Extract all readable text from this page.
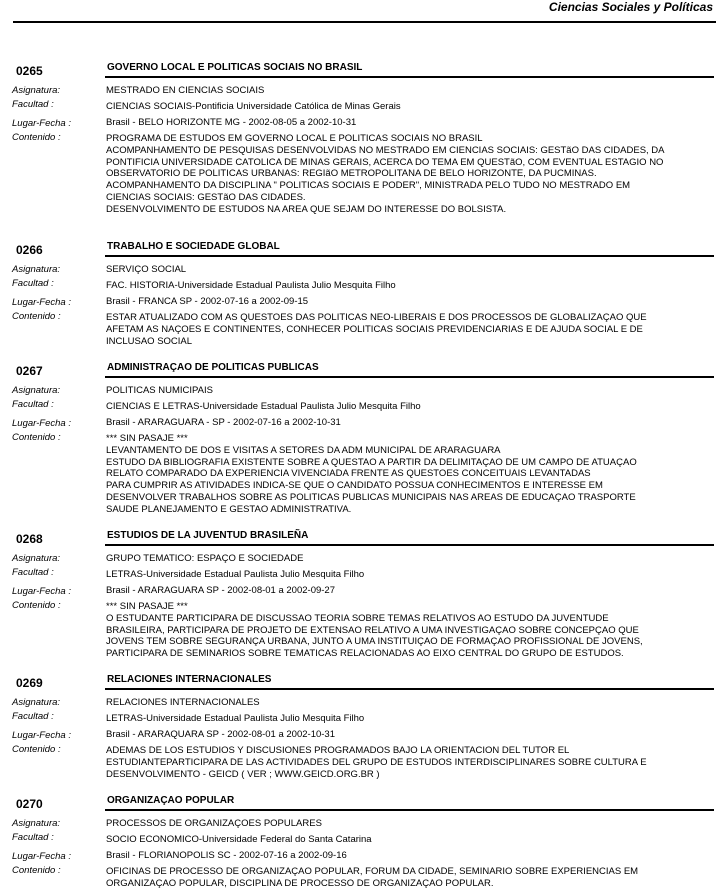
Ciencias Sociales y Políticas
0265	GOVERNO LOCAL E POLITICAS SOCIAIS NO BRASIL
Asignatura:	MESTRADO EN CIENCIAS SOCIAIS
Facultad :	CIENCIAS SOCIAIS-Pontificia Universidade Católica de Minas Gerais
Lugar-Fecha :	Brasil - BELO HORIZONTE MG - 2002-08-05 a 2002-10-31
Contenido :	PROGRAMA DE ESTUDOS EM GOVERNO LOCAL E POLITICAS SOCIAIS NO BRASIL
ACOMPANHAMENTO DE PESQUISAS DESENVOLVIDAS NO MESTRADO EM CIENCIAS SOCIAIS: GESTãO DAS CIDADES, DA
PONTIFICIA UNIVERSIDADE CATOLICA DE MINAS GERAIS, ACERCA DO TEMA EM QUESTãO, COM EVENTUAL ESTAGIO NO
OBSERVATORIO DE POLITICAS URBANAS: REGIãO METROPOLITANA DE BELO HORIZONTE, DA PUCMINAS.
ACOMPANHAMENTO DA DISCIPLINA " POLITICAS SOCIAIS E PODER", MINISTRADA PELO TUDO NO MESTRADO EM
CIENCIAS SOCIAIS: GESTãO DAS CIDADES.
DESENVOLVIMENTO DE ESTUDOS NA AREA QUE SEJAM DO INTERESSE DO BOLSISTA.
0266	TRABALHO E SOCIEDADE GLOBAL
Asignatura:	SERVIÇO SOCIAL
Facultad :	FAC. HISTORIA-Universidade Estadual Paulista Julio Mesquita Filho
Lugar-Fecha :	Brasil - FRANCA SP - 2002-07-16 a 2002-09-15
Contenido :	ESTAR ATUALIZADO COM AS QUESTOES DAS POLITICAS NEO-LIBERAIS E DOS PROCESSOS DE GLOBALIZAÇAO QUE
AFETAM AS NAÇOES E CONTINENTES, CONHECER POLITICAS SOCIAIS PREVIDENCIARIAS E DE AJUDA SOCIAL E DE
INCLUSAO SOCIAL
0267	ADMINISTRAÇAO DE POLITICAS PUBLICAS
Asignatura:	POLITICAS NUMICIPAIS
Facultad :	CIENCIAS E LETRAS-Universidade Estadual Paulista Julio Mesquita Filho
Lugar-Fecha :	Brasil - ARARAGUARA - SP - 2002-07-16 a 2002-10-31
Contenido :	*** SIN PASAJE ***
LEVANTAMENTO DE DOS E VISITAS A SETORES DA ADM MUNICIPAL DE ARARAGUARA
ESTUDO DA BIBLIOGRAFIA EXISTENTE SOBRE A QUESTAO A PARTIR DA DELIMITAÇAO DE UM CAMPO DE ATUAÇAO
RELATO COMPARADO DA EXPERIENCIA VIVENCIADA FRENTE AS QUESTOES CONCEITUAIS LEVANTADAS
PARA CUMPRIR AS ATIVIDADES INDICA-SE QUE O CANDIDATO POSSUA CONHECIMENTOS E INTERESSE EM
DESENVOLVER TRABALHOS SOBRE AS POLITICAS PUBLICAS MUNICIPAIS NAS AREAS DE EDUCAÇAO TRASPORTE
SAUDE PLANEJAMENTO E GESTAO ADMINISTRATIVA.
0268	ESTUDIOS DE LA JUVENTUD BRASILEÑA
Asignatura:	GRUPO TEMATICO: ESPAÇO E SOCIEDADE
Facultad :	LETRAS-Universidade Estadual Paulista Julio Mesquita Filho
Lugar-Fecha :	Brasil - ARARAGUARA SP - 2002-08-01 a 2002-09-27
Contenido :	*** SIN PASAJE ***
O ESTUDANTE PARTICIPARA DE DISCUSSAO TEORIA SOBRE TEMAS RELATIVOS AO ESTUDO DA JUVENTUDE
BRASILEIRA, PARTICIPARA DE PROJETO DE EXTENSAO RELATIVO A UMA INVESTIGAÇAO SOBRE CONCEPÇAO QUE
JOVENS TEM SOBRE SEGURANÇA URBANA, JUNTO A UMA INSTITUIÇAO DE FORMAÇAO PROFISSIONAL DE JOVENS,
PARTICIPARA DE SEMINARIOS SOBRE TEMATICAS RELACIONADAS AO EIXO CENTRAL DO GRUPO DE ESTUDOS.
0269	RELACIONES INTERNACIONALES
Asignatura:	RELACIONES INTERNACIONALES
Facultad :	LETRAS-Universidade Estadual Paulista Julio Mesquita Filho
Lugar-Fecha :	Brasil - ARARAQUARA SP - 2002-08-01 a 2002-10-31
Contenido :	ADEMAS DE LOS ESTUDIOS Y DISCUSIONES PROGRAMADOS BAJO LA ORIENTACION DEL TUTOR EL
ESTUDIANTEPARTICIPARA DE LAS ACTIVIDADES DEL GRUPO DE ESTUDOS INTERDISCIPLINARES SOBRE CULTURA E
DESENVOLVIMENTO - GEICD ( VER ; WWW.GEICD.ORG.BR )
0270	ORGANIZAÇAO POPULAR
Asignatura:	PROCESSOS DE ORGANIZAÇOES POPULARES
Facultad :	SOCIO ECONOMICO-Universidade Federal do Santa Catarina
Lugar-Fecha :	Brasil - FLORIANOPOLIS SC - 2002-07-16 a 2002-09-16
Contenido :	OFICINAS DE PROCESSO DE ORGANIZAÇAO POPULAR, FORUM DA CIDADE, SEMINARIO SOBRE EXPERIENCIAS EM
ORGANIZAÇAO POPULAR, DISCIPLINA DE PROCESSO DE ORGANIZAÇAO POPULAR.
